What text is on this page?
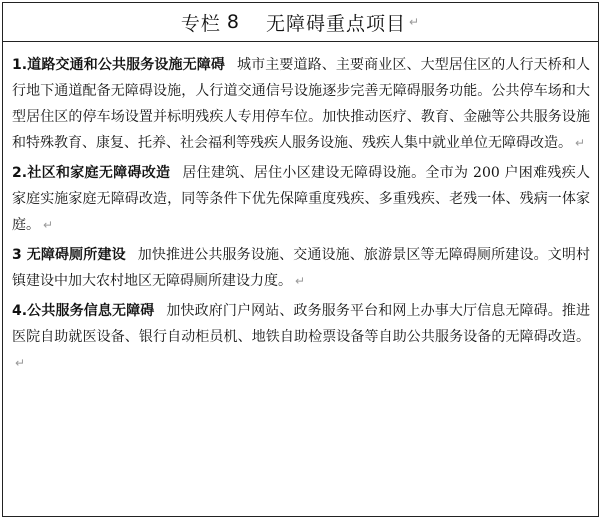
专栏 8 无障碍重点项目 ↵

1.道路交通和公共服务设施无障碍 城市主要道路、主要商业区、大型居住区的人行天桥和人行地下通道配备无障碍设施，人行道交通信号设施逐步完善无障碍服务功能。公共停车场和大型居住区的停车场设置并标明残疾人专用停车位。加快推动医疗、教育、金融等公共服务设施和特殊教育、康复、托养、社会福利等残疾人服务设施、残疾人集中就业单位无障碍改造。 ↵

2.社区和家庭无障碍改造 居住建筑、居住小区建设无障碍设施。全市为 200 户困难残疾人家庭实施家庭无障碍改造，同等条件下优先保障重度残疾、多重残疾、老残一体、残病一体家庭。 ↵

3 无障碍厕所建设 加快推进公共服务设施、交通设施、旅游景区等无障碍厕所建设。文明村镇建设中加大农村地区无障碍厕所建设力度。 ↵

4.公共服务信息无障碍 加快政府门户网站、政务服务平台和网上办事大厅信息无障碍。推进医院自助就医设备、银行自动柜员机、地铁自助检票设备等自助公共服务设备的无障碍改造。↵
